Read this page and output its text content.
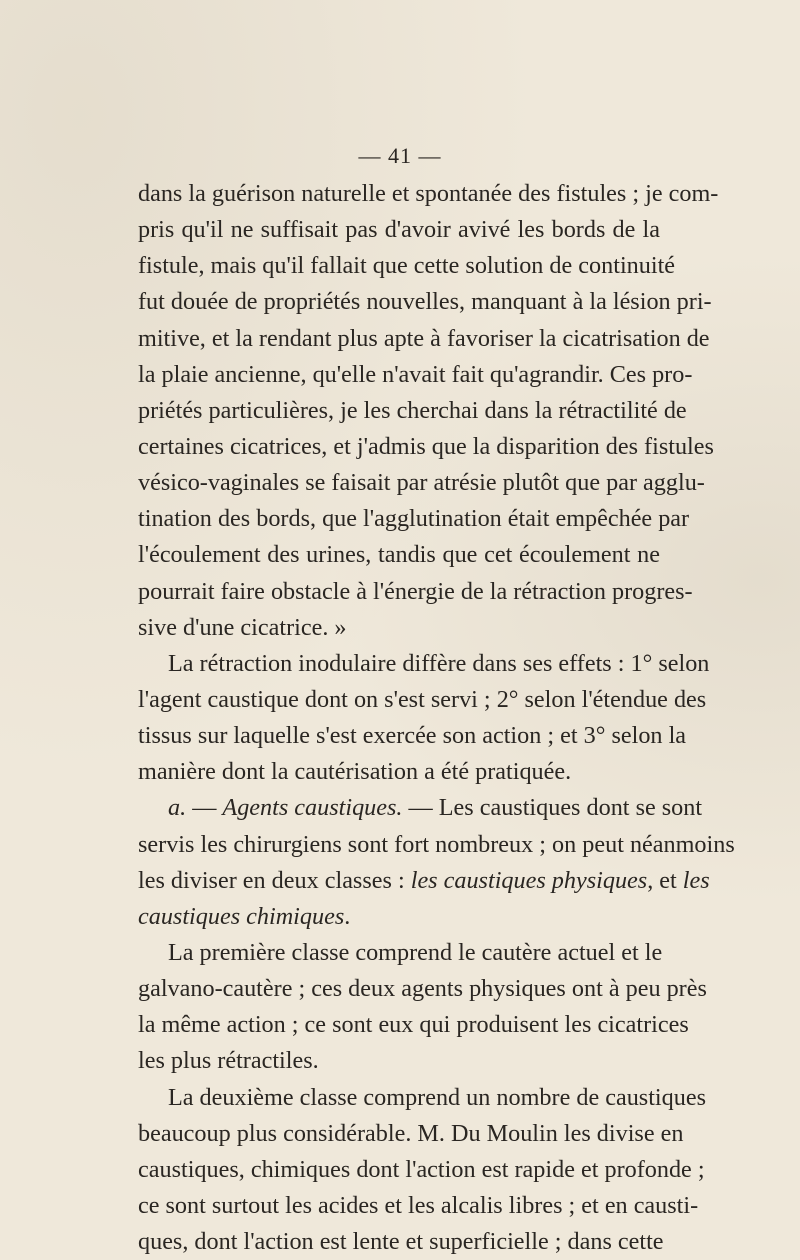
— 41 —
dans la guérison naturelle et spontanée des fistules ; je com-
pris qu'il ne suffisait pas d'avoir avivé les bords de la
fistule, mais qu'il fallait que cette solution de continuité
fut douée de propriétés nouvelles, manquant à la lésion pri-
mitive, et la rendant plus apte à favoriser la cicatrisation de
la plaie ancienne, qu'elle n'avait fait qu'agrandir. Ces pro-
priétés particulières, je les cherchai dans la rétractilité de
certaines cicatrices, et j'admis que la disparition des fistules
vésico-vaginales se faisait par atrésie plutôt que par agglu-
tination des bords, que l'agglutination était empêchée par
l'écoulement des urines, tandis que cet écoulement ne
pourrait faire obstacle à l'énergie de la rétraction progres-
sive d'une cicatrice. »
La rétraction inodulaire diffère dans ses effets : 1° selon
l'agent caustique dont on s'est servi ; 2° selon l'étendue des
tissus sur laquelle s'est exercée son action ; et 3° selon la
manière dont la cautérisation a été pratiquée.
a. — Agents caustiques. — Les caustiques dont se sont
servis les chirurgiens sont fort nombreux ; on peut néanmoins
les diviser en deux classes : les caustiques physiques, et les
caustiques chimiques.
La première classe comprend le cautère actuel et le
galvano-cautère ; ces deux agents physiques ont à peu près
la même action ; ce sont eux qui produisent les cicatrices
les plus rétractiles.
La deuxième classe comprend un nombre de caustiques
beaucoup plus considérable. M. Du Moulin les divise en
caustiques, chimiques dont l'action est rapide et profonde ;
ce sont surtout les acides et les alcalis libres ; et en causti-
ques, dont l'action est lente et superficielle ; dans cette
